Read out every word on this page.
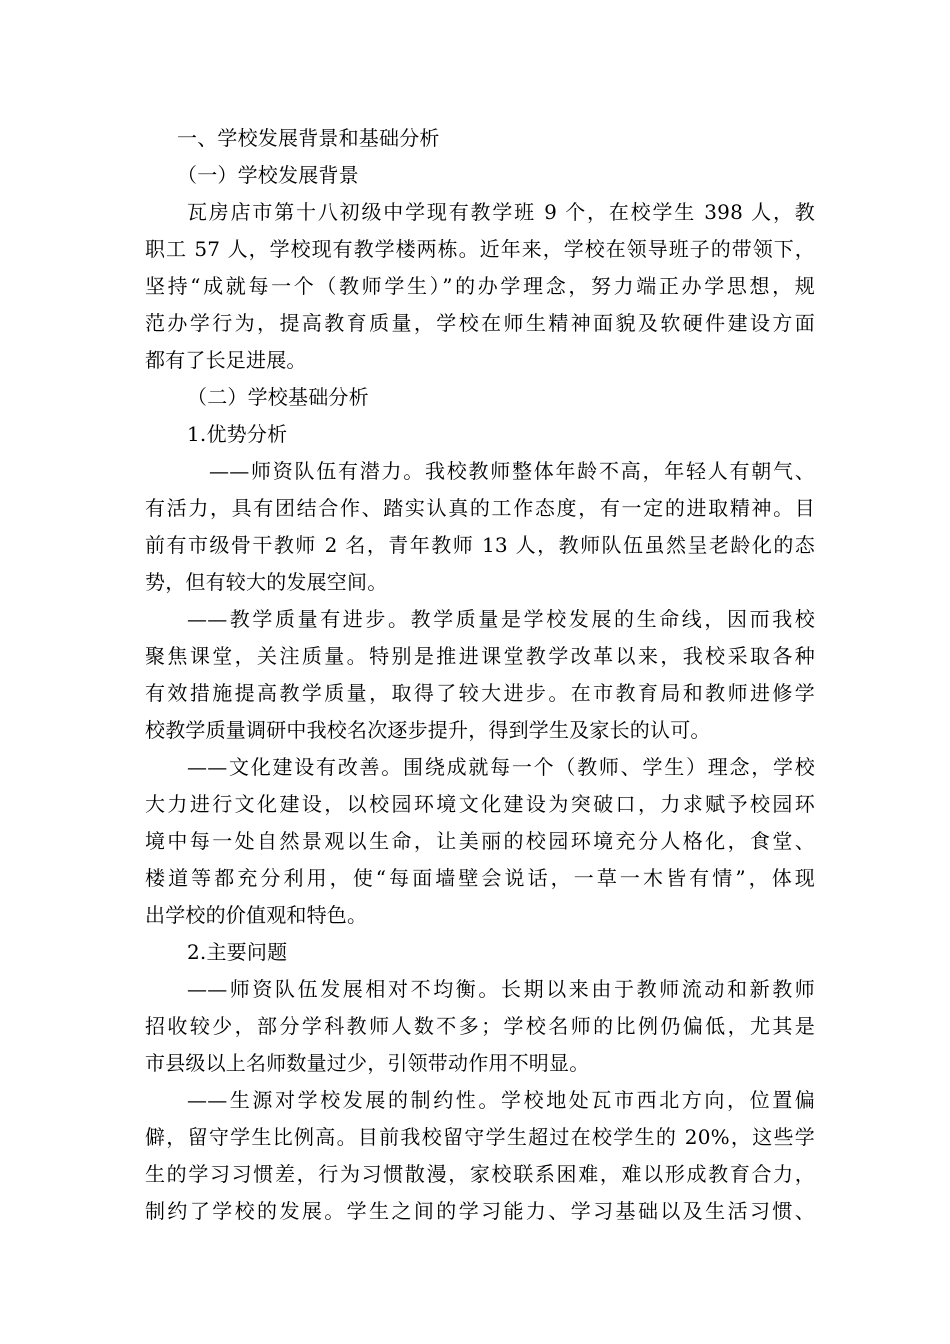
一、学校发展背景和基础分析
（一）学校发展背景
瓦房店市第十八初级中学现有教学班 9 个，在校学生 398 人，教
职工 57 人，学校现有教学楼两栋。近年来，学校在领导班子的带领下，
坚持“成就每一个（教师学生）”的办学理念，努力端正办学思想，规
范办学行为，提高教育质量，学校在师生精神面貌及软硬件建设方面
都有了长足进展。
（二）学校基础分析
1.优势分析
——师资队伍有潜力。我校教师整体年龄不高，年轻人有朝气、
有活力，具有团结合作、踏实认真的工作态度，有一定的进取精神。目
前有市级骨干教师 2 名，青年教师 13 人，教师队伍虽然呈老龄化的态
势，但有较大的发展空间。
——教学质量有进步。教学质量是学校发展的生命线，因而我校
聚焦课堂，关注质量。特别是推进课堂教学改革以来，我校采取各种
有效措施提高教学质量，取得了较大进步。在市教育局和教师进修学
校教学质量调研中我校名次逐步提升，得到学生及家长的认可。
——文化建设有改善。围绕成就每一个（教师、学生）理念，学校
大力进行文化建设，以校园环境文化建设为突破口，力求赋予校园环
境中每一处自然景观以生命，让美丽的校园环境充分人格化，食堂、
楼道等都充分利用，使“每面墙壁会说话，一草一木皆有情”，体现
出学校的价值观和特色。
2.主要问题
——师资队伍发展相对不均衡。长期以来由于教师流动和新教师
招收较少，部分学科教师人数不多；学校名师的比例仍偏低，尤其是
市县级以上名师数量过少，引领带动作用不明显。
——生源对学校发展的制约性。学校地处瓦市西北方向，位置偏
僻，留守学生比例高。目前我校留守学生超过在校学生的 20%，这些学
生的学习习惯差，行为习惯散漫，家校联系困难，难以形成教育合力，
制约了学校的发展。学生之间的学习能力、学习基础以及生活习惯、
